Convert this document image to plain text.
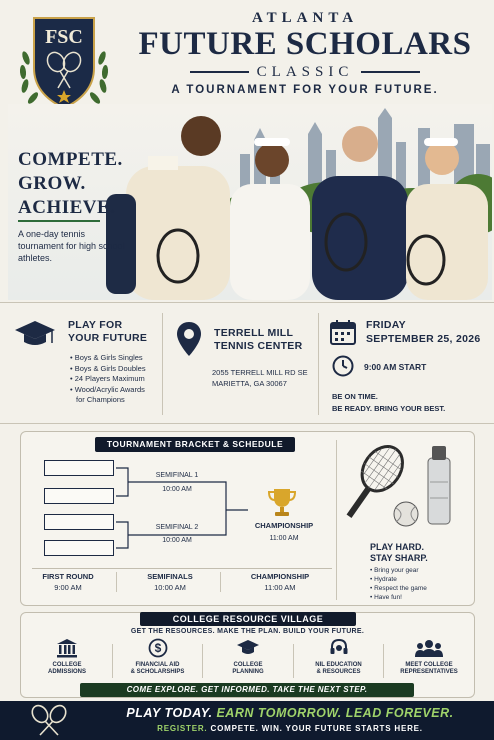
FSC
ATLANTA
FUTURE SCHOLARS
CLASSIC
A TOURNAMENT FOR YOUR FUTURE.
COMPETE.
GROW.
ACHIEVE.
A one-day tennis tournament for high school athletes.
PLAY FOR
YOUR FUTURE
• Boys & Girls Singles
• Boys & Girls Doubles
• 24 Players Maximum
• Wood/Acrylic Awards
for Champions
TERRELL MILL
TENNIS CENTER
2055 TERRELL MILL RD SE
MARIETTA, GA 30067
FRIDAY
SEPTEMBER 25, 2026
9:00 AM START
BE ON TIME.
BE READY. BRING YOUR BEST.
TOURNAMENT BRACKET & SCHEDULE
SEMIFINAL 1
10:00 AM
SEMIFINAL 2
10:00 AM
CHAMPIONSHIP
11:00 AM
FIRST ROUND
9:00 AM
SEMIFINALS
10:00 AM
CHAMPIONSHIP
11:00 AM
PLAY HARD.
STAY SHARP.
• Bring your gear
• Hydrate
• Respect the game
• Have fun!
COLLEGE RESOURCE VILLAGE
GET THE RESOURCES. MAKE THE PLAN. BUILD YOUR FUTURE.
COLLEGE
ADMISSIONS
$
FINANCIAL AID
& SCHOLARSHIPS
COLLEGE
PLANNING
NIL EDUCATION
& RESOURCES
MEET COLLEGE
REPRESENTATIVES
COME EXPLORE. GET INFORMED. TAKE THE NEXT STEP.
PLAY TODAY. EARN TOMORROW. LEAD FOREVER.
REGISTER. COMPETE. WIN. YOUR FUTURE STARTS HERE.
